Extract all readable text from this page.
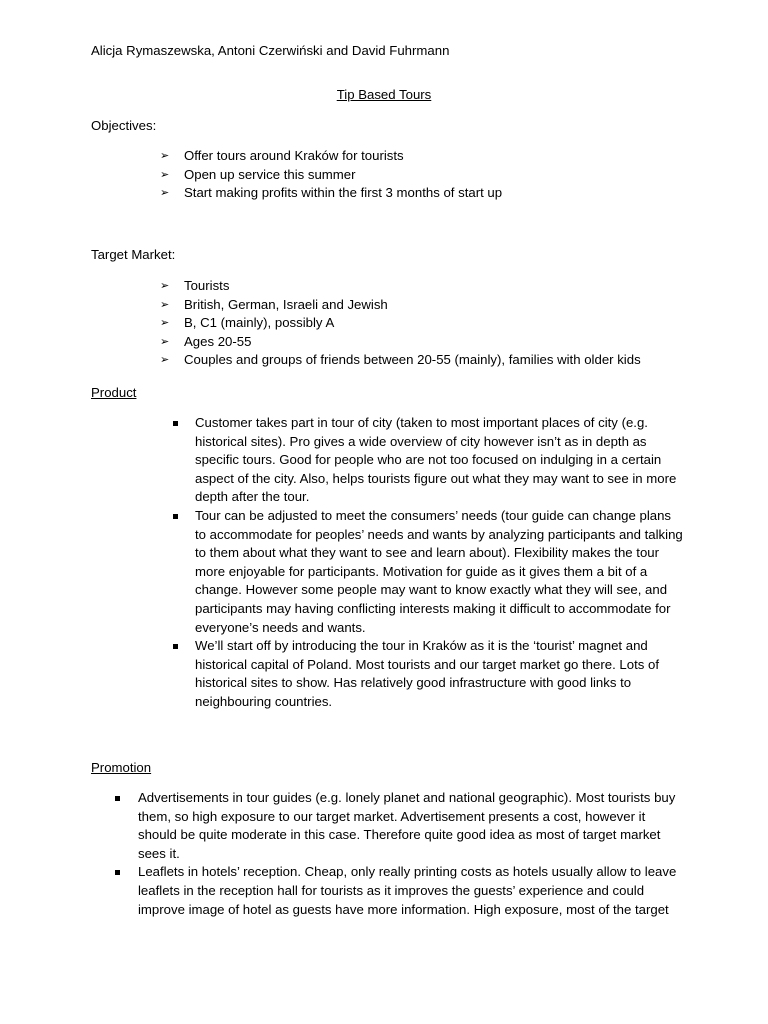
Alicja Rymaszewska, Antoni Czerwiński and David Fuhrmann
Tip Based Tours
Objectives:
➢	Offer tours around Kraków for tourists
➢	Open up service this summer
➢	Start making profits within the first 3 months of start up
Target Market:
➢	Tourists
➢	British, German, Israeli and Jewish
➢	B, C1 (mainly), possibly A
➢	Ages 20-55
➢	Couples and groups of friends between 20-55 (mainly), families with older kids
Product
Customer takes part in tour of city (taken to most important places of city (e.g. historical sites). Pro gives a wide overview of city however isn’t as in depth as specific tours. Good for people who are not too focused on indulging in a certain aspect of the city. Also, helps tourists figure out what they may want to see in more depth after the tour.
Tour can be adjusted to meet the consumers’ needs (tour guide can change plans to accommodate for peoples’ needs and wants by analyzing participants and talking to them about what they want to see and learn about). Flexibility makes the tour more enjoyable for participants. Motivation for guide as it gives them a bit of a change. However some people may want to know exactly what they will see, and participants may having conflicting interests making it difficult to accommodate for everyone’s needs and wants.
We’ll start off by introducing the tour in Kraków as it is the ‘tourist’ magnet and historical capital of Poland. Most tourists and our target market go there. Lots of historical sites to show. Has relatively good infrastructure with good links to neighbouring countries.
Promotion
Advertisements in tour guides (e.g. lonely planet and national geographic). Most tourists buy them, so high exposure to our target market. Advertisement presents a cost, however it should be quite moderate in this case. Therefore quite good idea as most of target market sees it.
Leaflets in hotels’ reception. Cheap, only really printing costs as hotels usually allow to leave leaflets in the reception hall for tourists as it improves the guests’ experience and could improve image of hotel as guests have more information. High exposure, most of the target
